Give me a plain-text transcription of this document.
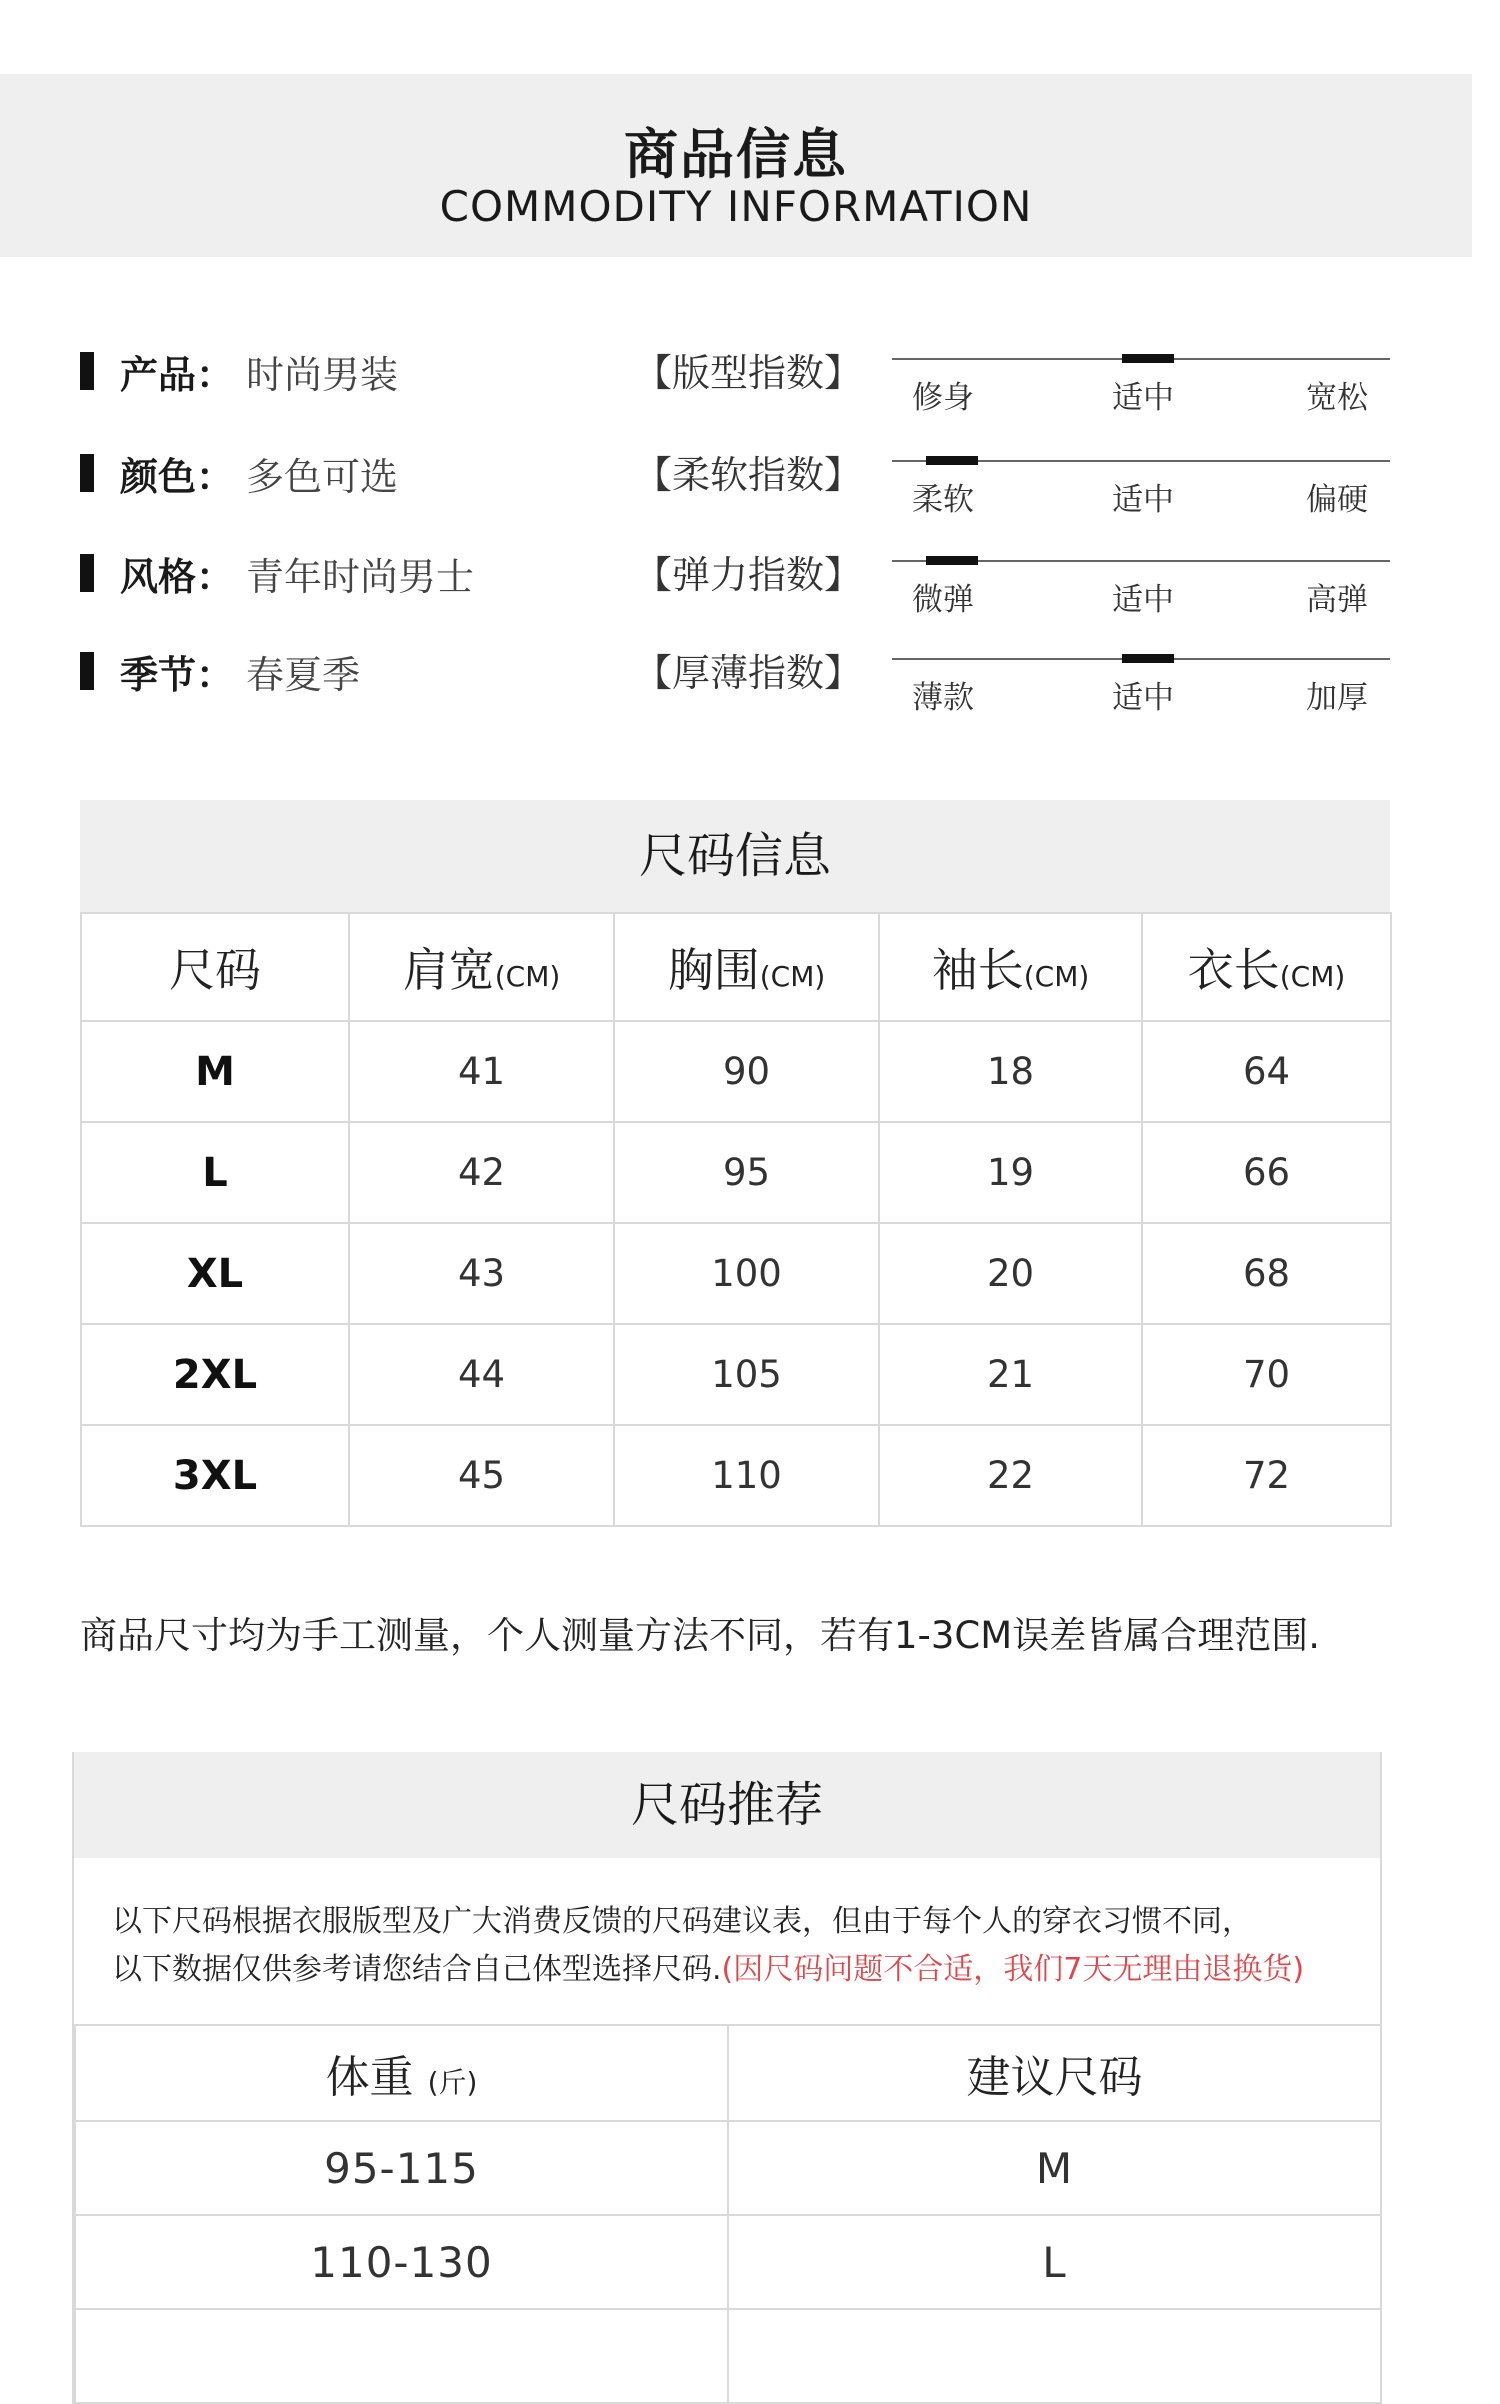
商品信息
COMMODITY INFORMATION
产品： 时尚男装
颜色： 多色可选
风格： 青年时尚男士
季节： 春夏季
【版型指数】
修身	适中	宽松
【柔软指数】
柔软	适中	偏硬
【弹力指数】
微弹	适中	高弹
【厚薄指数】
薄款	适中	加厚
尺码信息
尺码	肩宽(CM)	胸围(CM)	袖长(CM)	衣长(CM)
M	41	90	18	64
L	42	95	19	66
XL	43	100	20	68
2XL	44	105	21	70
3XL	45	110	22	72
商品尺寸均为手工测量，个人测量方法不同，若有1-3CM误差皆属合理范围.
尺码推荐
以下尺码根据衣服版型及广大消费反馈的尺码建议表，但由于每个人的穿衣习惯不同，
以下数据仅供参考请您结合自己体型选择尺码.(因尺码问题不合适，我们7天无理由退换货)
体重 (斤)	建议尺码
95-115	M
110-130	L
